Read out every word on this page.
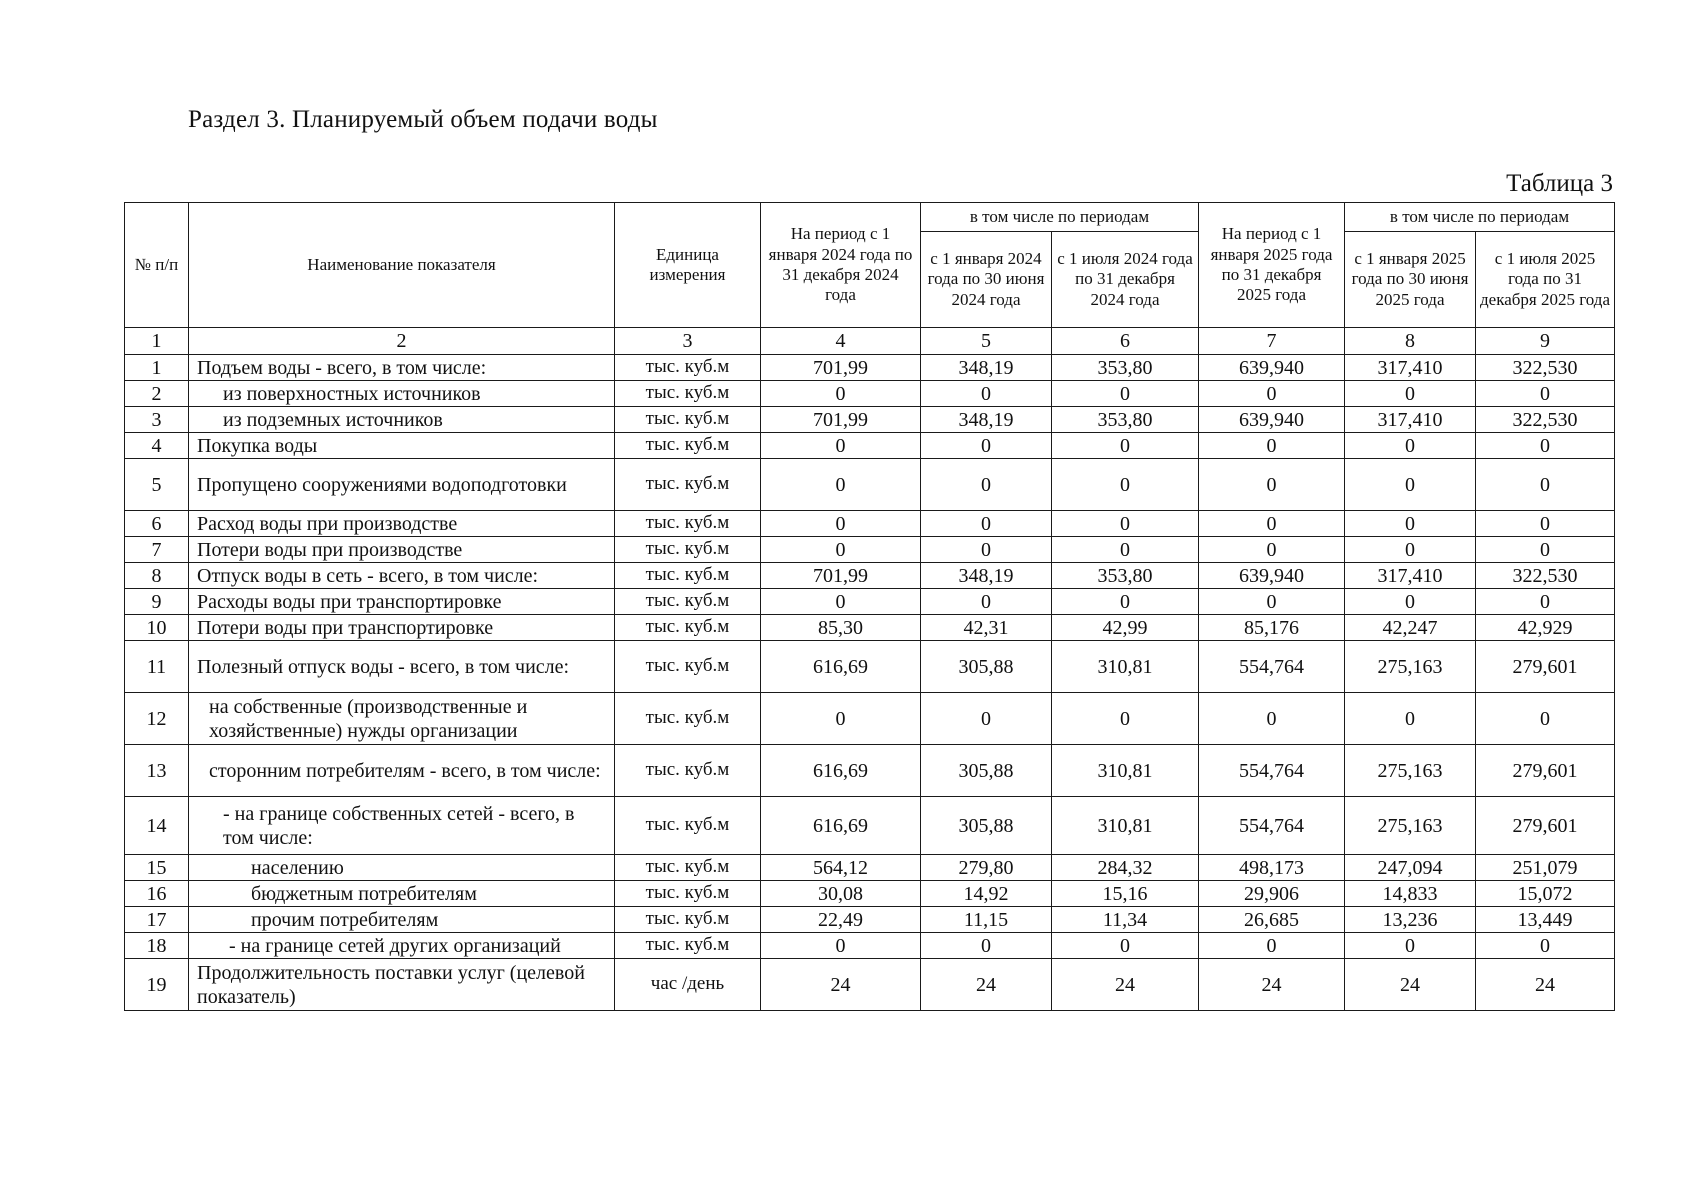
Раздел 3. Планируемый объем подачи воды
Таблица 3
№ п/п	Наименование показателя	Единица измерения	На период с 1 января 2024 года по 31 декабря 2024 года	в том числе по периодам		На период с 1 января 2025 года по 31 декабря 2025 года	в том числе по периодам	
				с 1 января 2024 года по 30 июня 2024 года	с 1 июля 2024 года по 31 декабря 2024 года		с 1 января 2025 года по 30 июня 2025 года	с 1 июля 2025 года по 31 декабря 2025 года
1	2	3	4	5	6	7	8	9
1	Подъем воды - всего, в том числе:	тыс. куб.м	701,99	348,19	353,80	639,940	317,410	322,530
2	из поверхностных источников	тыс. куб.м	0	0	0	0	0	0
3	из подземных источников	тыс. куб.м	701,99	348,19	353,80	639,940	317,410	322,530
4	Покупка воды	тыс. куб.м	0	0	0	0	0	0
5	Пропущено сооружениями водоподготовки	тыс. куб.м	0	0	0	0	0	0
6	Расход воды при производстве	тыс. куб.м	0	0	0	0	0	0
7	Потери воды при производстве	тыс. куб.м	0	0	0	0	0	0
8	Отпуск воды в сеть - всего, в том числе:	тыс. куб.м	701,99	348,19	353,80	639,940	317,410	322,530
9	Расходы воды при транспортировке	тыс. куб.м	0	0	0	0	0	0
10	Потери воды при транспортировке	тыс. куб.м	85,30	42,31	42,99	85,176	42,247	42,929
11	Полезный отпуск воды - всего, в том числе:	тыс. куб.м	616,69	305,88	310,81	554,764	275,163	279,601
12	на собственные (производственные и хозяйственные) нужды организации	тыс. куб.м	0	0	0	0	0	0
13	сторонним потребителям - всего, в том числе:	тыс. куб.м	616,69	305,88	310,81	554,764	275,163	279,601
14	- на границе собственных сетей - всего, в том числе:	тыс. куб.м	616,69	305,88	310,81	554,764	275,163	279,601
15	населению	тыс. куб.м	564,12	279,80	284,32	498,173	247,094	251,079
16	бюджетным потребителям	тыс. куб.м	30,08	14,92	15,16	29,906	14,833	15,072
17	прочим потребителям	тыс. куб.м	22,49	11,15	11,34	26,685	13,236	13,449
18	- на границе сетей других организаций	тыс. куб.м	0	0	0	0	0	0
19	Продолжительность поставки услуг (целевой показатель)	час /день	24	24	24	24	24	24
